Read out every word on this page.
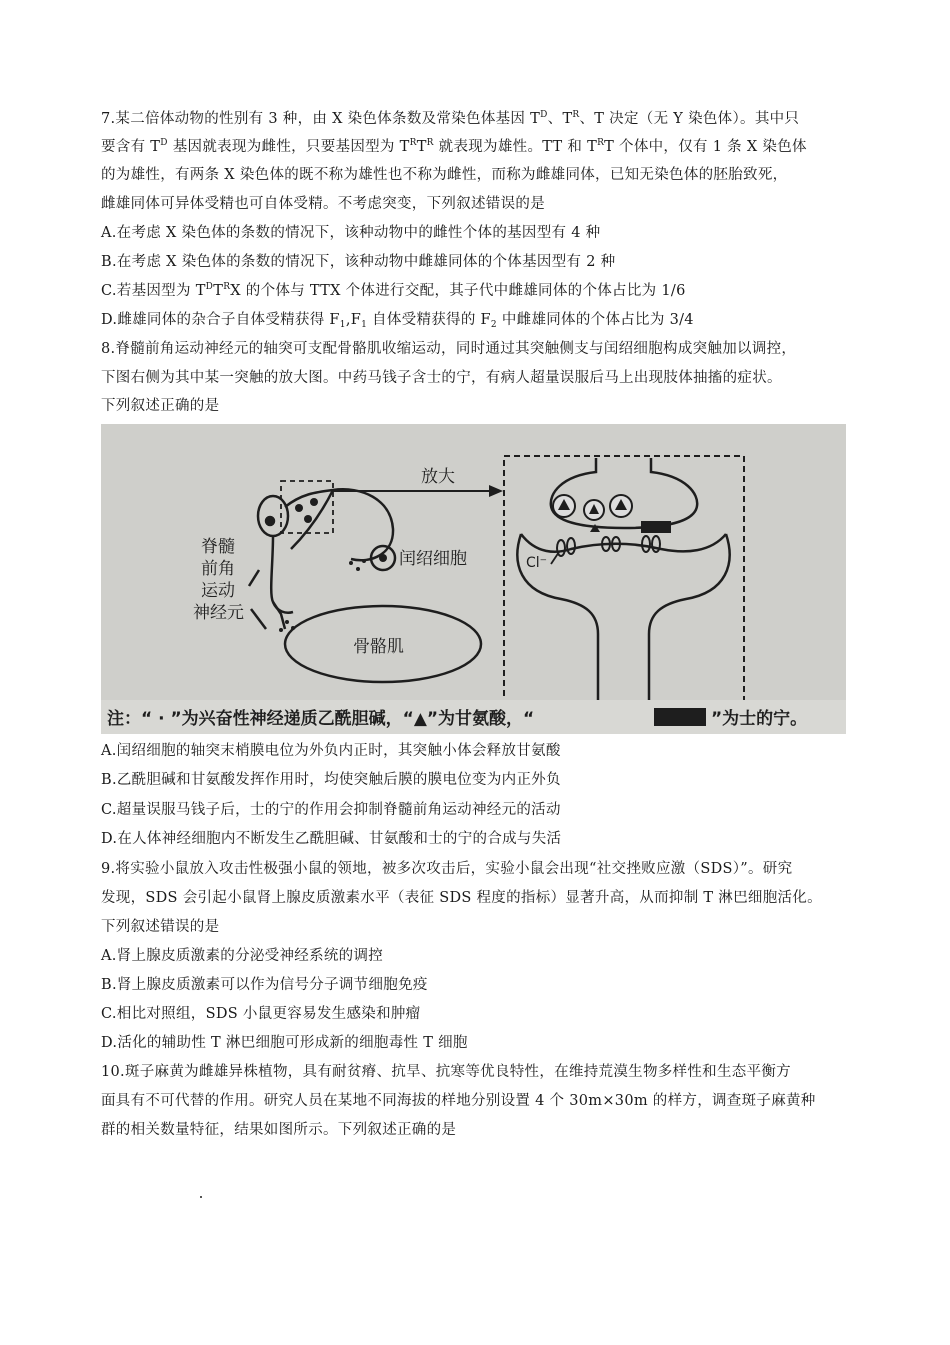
7.某二倍体动物的性别有 3 种，由 X 染色体条数及常染色体基因 $T^D$、$T^R$、T 决定（无 Y 染色体）。其中只
要含有 $T^D$ 基因就表现为雌性，只要基因型为 $T^RT^R$ 就表现为雄性。TT 和 $T^RT$ 个体中，仅有 1 条 X 染色体
的为雄性，有两条 X 染色体的既不称为雄性也不称为雌性，而称为雌雄同体，已知无染色体的胚胎致死，
雌雄同体可异体受精也可自体受精。不考虑突变，下列叙述错误的是
A.在考虑 X 染色体的条数的情况下，该种动物中的雌性个体的基因型有 4 种
B.在考虑 X 染色体的条数的情况下，该种动物中雌雄同体的个体基因型有 2 种
C.若基因型为 $T^DT^RX$ 的个体与 TTX 个体进行交配，其子代中雌雄同体的个体占比为 1/6
D.雌雄同体的杂合子自体受精获得 $F_1,F_1$ 自体受精获得的 $F_2$ 中雌雄同体的个体占比为 3/4
8.脊髓前角运动神经元的轴突可支配骨骼肌收缩运动，同时通过其突触侧支与闰绍细胞构成突触加以调控，
下图右侧为其中某一突触的放大图。中药马钱子含士的宁，有病人超量误服后马上出现肢体抽搐的症状。
下列叙述正确的是
放大
Cl⁻
脊髓
前角
运动
神经元
闰绍细胞
骨骼肌
注：“ · ”为兴奋性神经递质乙酰胆碱，“▲”为甘氨酸，“	”为士的宁。
A.闰绍细胞的轴突末梢膜电位为外负内正时，其突触小体会释放甘氨酸
B.乙酰胆碱和甘氨酸发挥作用时，均使突触后膜的膜电位变为内正外负
C.超量误服马钱子后，士的宁的作用会抑制脊髓前角运动神经元的活动
D.在人体神经细胞内不断发生乙酰胆碱、甘氨酸和士的宁的合成与失活
9.将实验小鼠放入攻击性极强小鼠的领地，被多次攻击后，实验小鼠会出现“社交挫败应激（SDS）”。研究
发现，SDS 会引起小鼠肾上腺皮质激素水平（表征 SDS 程度的指标）显著升高，从而抑制 T 淋巴细胞活化。
下列叙述错误的是
A.肾上腺皮质激素的分泌受神经系统的调控
B.肾上腺皮质激素可以作为信号分子调节细胞免疫
C.相比对照组，SDS 小鼠更容易发生感染和肿瘤
D.活化的辅助性 T 淋巴细胞可形成新的细胞毒性 T 细胞
10.斑子麻黄为雌雄异株植物，具有耐贫瘠、抗旱、抗寒等优良特性，在维持荒漠生物多样性和生态平衡方
面具有不可代替的作用。研究人员在某地不同海拔的样地分别设置 4 个 30m×30m 的样方，调查斑子麻黄种
群的相关数量特征，结果如图所示。下列叙述正确的是
